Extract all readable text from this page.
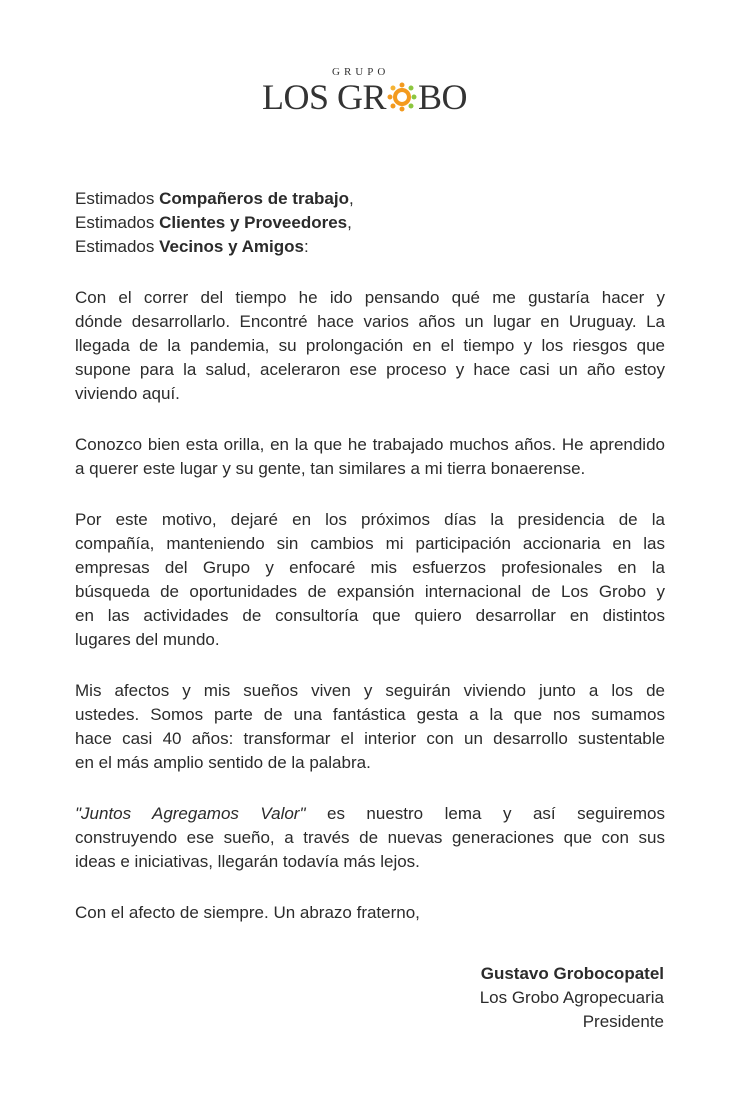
GRUPO
LOS GR BO
Estimados Compañeros de trabajo,
Estimados Clientes y Proveedores,
Estimados Vecinos y Amigos:
Con el correr del tiempo he ido pensando qué me gustaría hacer y
dónde desarrollarlo. Encontré hace varios años un lugar en Uruguay. La
llegada de la pandemia, su prolongación en el tiempo y los riesgos que
supone para la salud, aceleraron ese proceso y hace casi un año estoy
viviendo aquí.
Conozco bien esta orilla, en la que he trabajado muchos años. He aprendido
a querer este lugar y su gente, tan similares a mi tierra bonaerense.
Por este motivo, dejaré en los próximos días la presidencia de la
compañía, manteniendo sin cambios mi participación accionaria en las
empresas del Grupo y enfocaré mis esfuerzos profesionales en la
búsqueda de oportunidades de expansión internacional de Los Grobo y
en las actividades de consultoría que quiero desarrollar en distintos
lugares del mundo.
Mis afectos y mis sueños viven y seguirán viviendo junto a los de
ustedes. Somos parte de una fantástica gesta a la que nos sumamos
hace casi 40 años: transformar el interior con un desarrollo sustentable
en el más amplio sentido de la palabra.
"Juntos Agregamos Valor" es nuestro lema y así seguiremos
construyendo ese sueño, a través de nuevas generaciones que con sus
ideas e iniciativas, llegarán todavía más lejos.
Con el afecto de siempre. Un abrazo fraterno,
Gustavo Grobocopatel
Los Grobo Agropecuaria
Presidente
